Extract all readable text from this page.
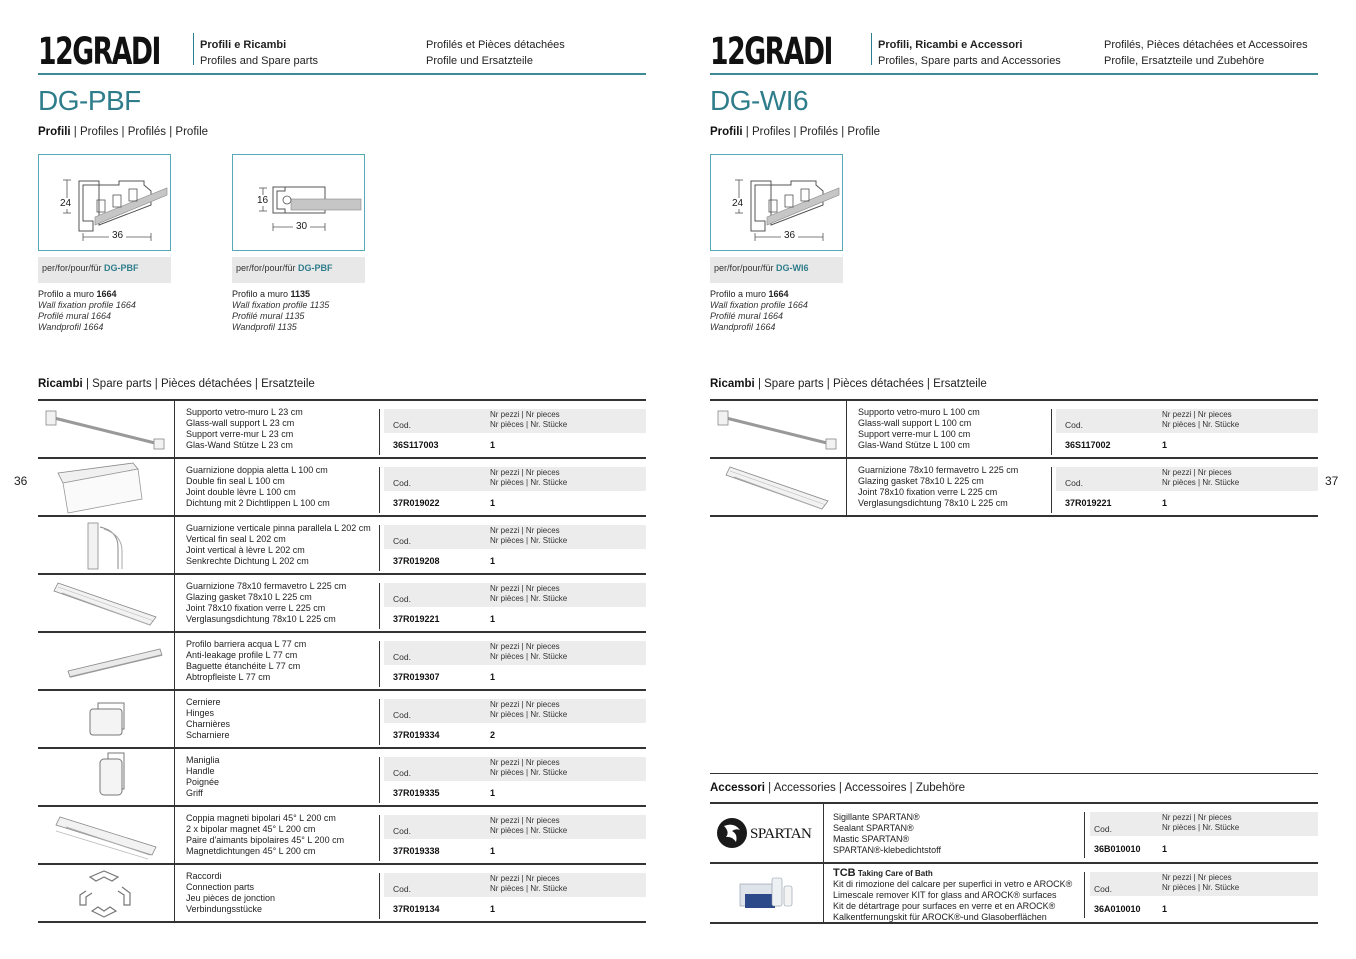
12GRADI	Profili e Ricambi
Profiles and Spare parts
Profilés et Pièces détachées
Profile und Ersatzteile
DG-PBF
Profili | Profiles | Profilés | Profile
24
36
per/for/pour/für DG-PBF
Profilo a muro 1664
Wall fixation profile 1664
Profilé mural 1664
Wandprofil 1664
16
30
per/for/pour/für DG-PBF
Profilo a muro 1135
Wall fixation profile 1135
Profilé mural 1135
Wandprofil 1135
Ricambi | Spare parts | Pièces détachées | Ersatzteile
Supporto vetro-muro L 23 cm
Glass-wall support L 23 cm
Support verre-mur L 23 cm
Glas-Wand Stütze L 23 cm
Cod.
Nr pezzi | Nr pieces
Nr pièces | Nr. Stücke
36S117003	1
Guarnizione doppia aletta L 100 cm
Double fin seal L 100 cm
Joint double lèvre L 100 cm
Dichtung mit 2 Dichtlippen L 100 cm
Cod.
Nr pezzi | Nr pieces
Nr pièces | Nr. Stücke
37R019022	1
Guarnizione verticale pinna parallela L 202 cm
Vertical fin seal L 202 cm
Joint vertical à lèvre L 202 cm
Senkrechte Dichtung L 202 cm
Cod.
Nr pezzi | Nr pieces
Nr pièces | Nr. Stücke
37R019208	1
Guarnizione 78x10 fermavetro L 225 cm
Glazing gasket 78x10 L 225 cm
Joint 78x10 fixation verre L 225 cm
Verglasungsdichtung 78x10 L 225 cm
Cod.
Nr pezzi | Nr pieces
Nr pièces | Nr. Stücke
37R019221	1
Profilo barriera acqua L 77 cm
Anti-leakage profile L 77 cm
Baguette étanchéite L 77 cm
Abtropfleiste L 77 cm
Cod.
Nr pezzi | Nr pieces
Nr pièces | Nr. Stücke
37R019307	1
Cerniere
Hinges
Charnières
Scharniere
Cod.
Nr pezzi | Nr pieces
Nr pièces | Nr. Stücke
37R019334	2
Maniglia
Handle
Poignée
Griff
Cod.
Nr pezzi | Nr pieces
Nr pièces | Nr. Stücke
37R019335	1
Coppia magneti bipolari 45° L 200 cm
2 x bipolar magnet 45° L 200 cm
Paire d'aimants bipolaires 45° L 200 cm
Magnetdichtungen 45° L 200 cm
Cod.
Nr pezzi | Nr pieces
Nr pièces | Nr. Stücke
37R019338	1
Raccordi
Connection parts
Jeu pièces de jonction
Verbindungsstücke
Cod.
Nr pezzi | Nr pieces
Nr pièces | Nr. Stücke
37R019134	1
36
12GRADI	Profili, Ricambi e Accessori
Profiles, Spare parts and Accessories
Profilés, Pièces détachées et Accessoires
Profile, Ersatzteile und Zubehöre
DG-WI6
Profili | Profiles | Profilés | Profile
24
36
per/for/pour/für DG-WI6
Profilo a muro 1664
Wall fixation profile 1664
Profilé mural 1664
Wandprofil 1664
Ricambi | Spare parts | Pièces détachées | Ersatzteile
Supporto vetro-muro L 100 cm
Glass-wall support L 100 cm
Support verre-mur L 100 cm
Glas-Wand Stütze L 100 cm
Cod.
Nr pezzi | Nr pieces
Nr pièces | Nr. Stücke
36S117002	1
Guarnizione 78x10 fermavetro L 225 cm
Glazing gasket 78x10 L 225 cm
Joint 78x10 fixation verre L 225 cm
Verglasungsdichtung 78x10 L 225 cm
Cod.
Nr pezzi | Nr pieces
Nr pièces | Nr. Stücke
37R019221	1
Accessori | Accessories | Accessoires | Zubehöre
SPARTAN
Sigillante SPARTAN®
Sealant SPARTAN®
Mastic SPARTAN®
SPARTAN®-klebedichtstoff
Cod.
Nr pezzi | Nr pieces
Nr pièces | Nr. Stücke
36B010010 1
TCB Taking Care of Bath
Kit di rimozione del calcare per superfici in vetro e AROCK®
Limescale remover KIT for glass and AROCK® surfaces
Kit de détartrage pour surfaces en verre et en AROCK®
Kalkentfernungskit für AROCK®-und Glasoberflächen
Cod.
Nr pezzi | Nr pieces
Nr pièces | Nr. Stücke
36A010010 1
37
